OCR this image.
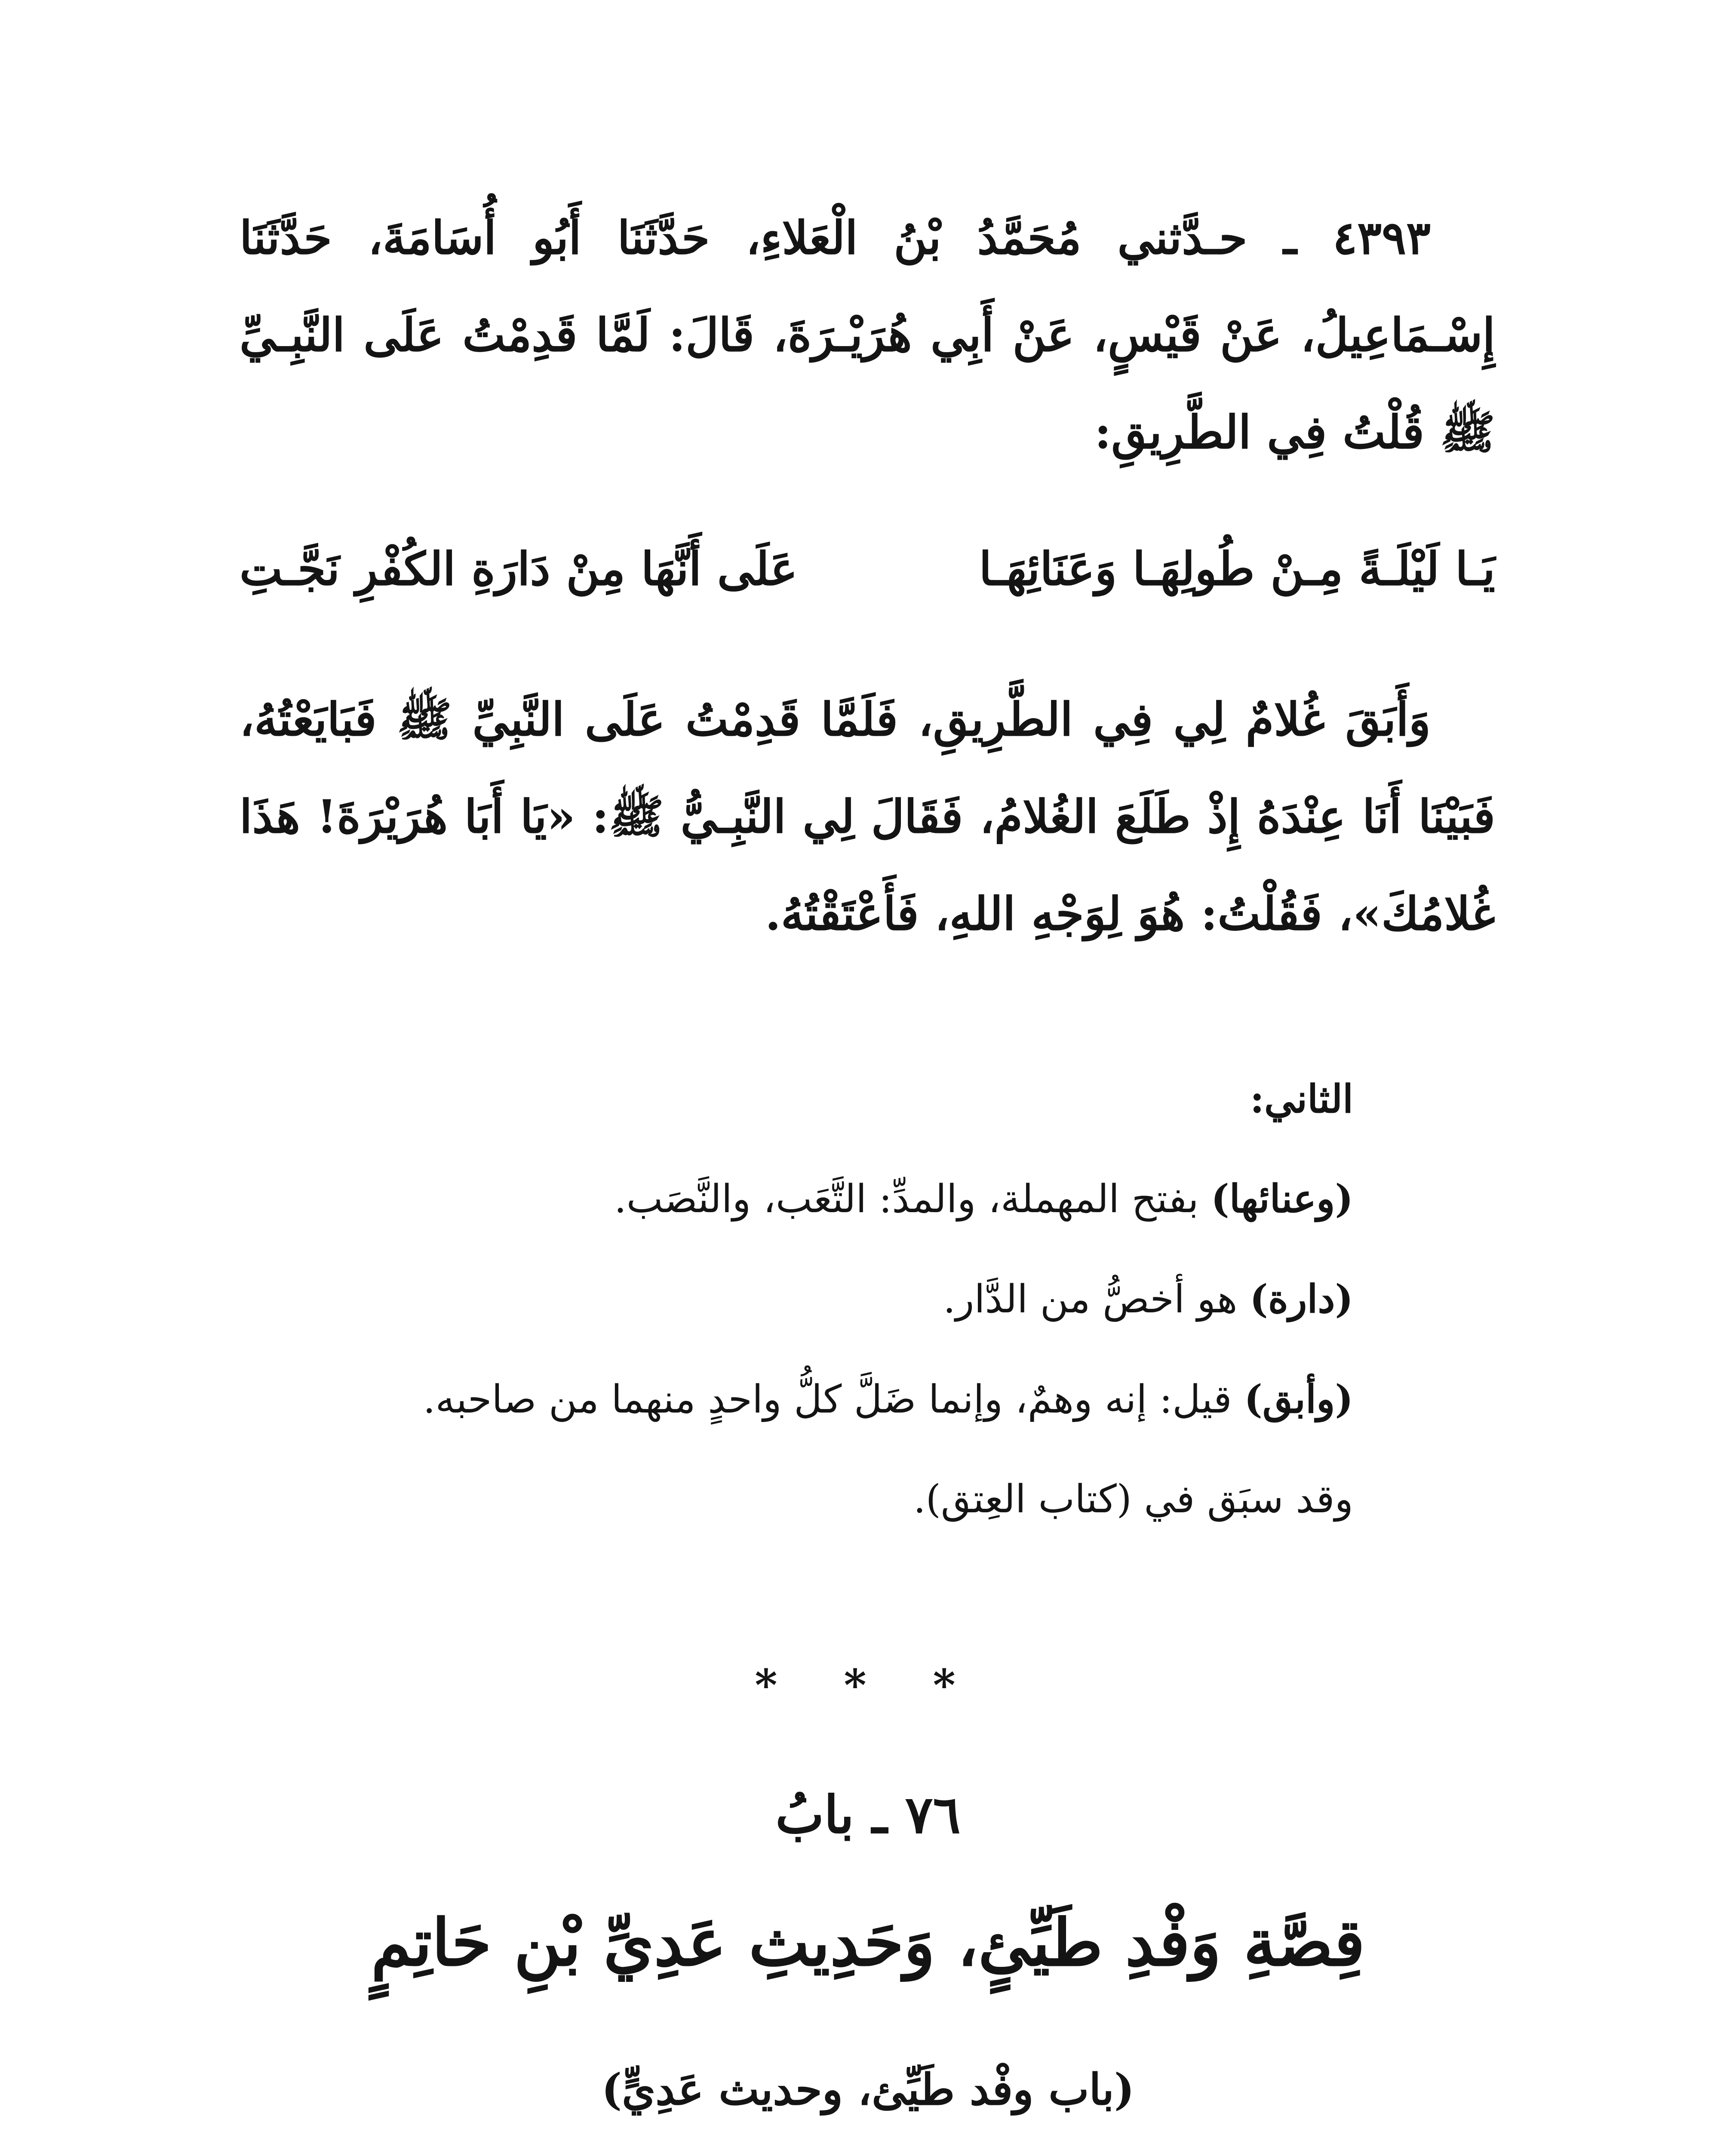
٤٣٩٣ ـ حـدَّثني مُحَمَّدُ بْنُ الْعَلاءِ، حَدَّثَنَا أَبُو أُسَامَةَ، حَدَّثَنَا إِسْـمَاعِيلُ، عَنْ قَيْسٍ، عَنْ أَبِي هُرَيْـرَةَ، قَالَ: لَمَّا قَدِمْتُ عَلَى النَّبِـيِّ ﷺ قُلْتُ فِي الطَّرِيقِ:

يَـا لَيْلَـةً مِـنْ طُولِهَـا وَعَنَائِهَـا
عَلَى أَنَّهَا مِنْ دَارَةِ الكُفْرِ نَجَّـتِ

وَأَبَقَ غُلامٌ لِي فِي الطَّرِيقِ، فَلَمَّا قَدِمْتُ عَلَى النَّبِيِّ ﷺ فَبَايَعْتُهُ، فَبَيْنَا أَنَا عِنْدَهُ إِذْ طَلَعَ الغُلامُ، فَقَالَ لِي النَّبِـيُّ ﷺ: «يَا أَبَا هُرَيْرَةَ! هَذَا غُلامُكَ»، فَقُلْتُ: هُوَ لِوَجْهِ اللهِ، فَأَعْتَقْتُهُ.

الثاني:

(وعنائها) بفتح المهملة، والمدِّ: التَّعَب، والنَّصَب.

(دارة) هو أخصُّ من الدَّار.

(وأبق) قيل: إنه وهمٌ، وإنما ضَلَّ كلُّ واحدٍ منهما من صاحبه.

وقد سبَق في (كتاب العِتق).

* * *
٧٦ ـ بابُ
قِصَّةِ وَفْدِ طَيِّئٍ، وَحَدِيثِ عَدِيِّ بْنِ حَاتِمٍ
(باب وفْد طَيِّئ، وحديث عَدِيٍّ)
